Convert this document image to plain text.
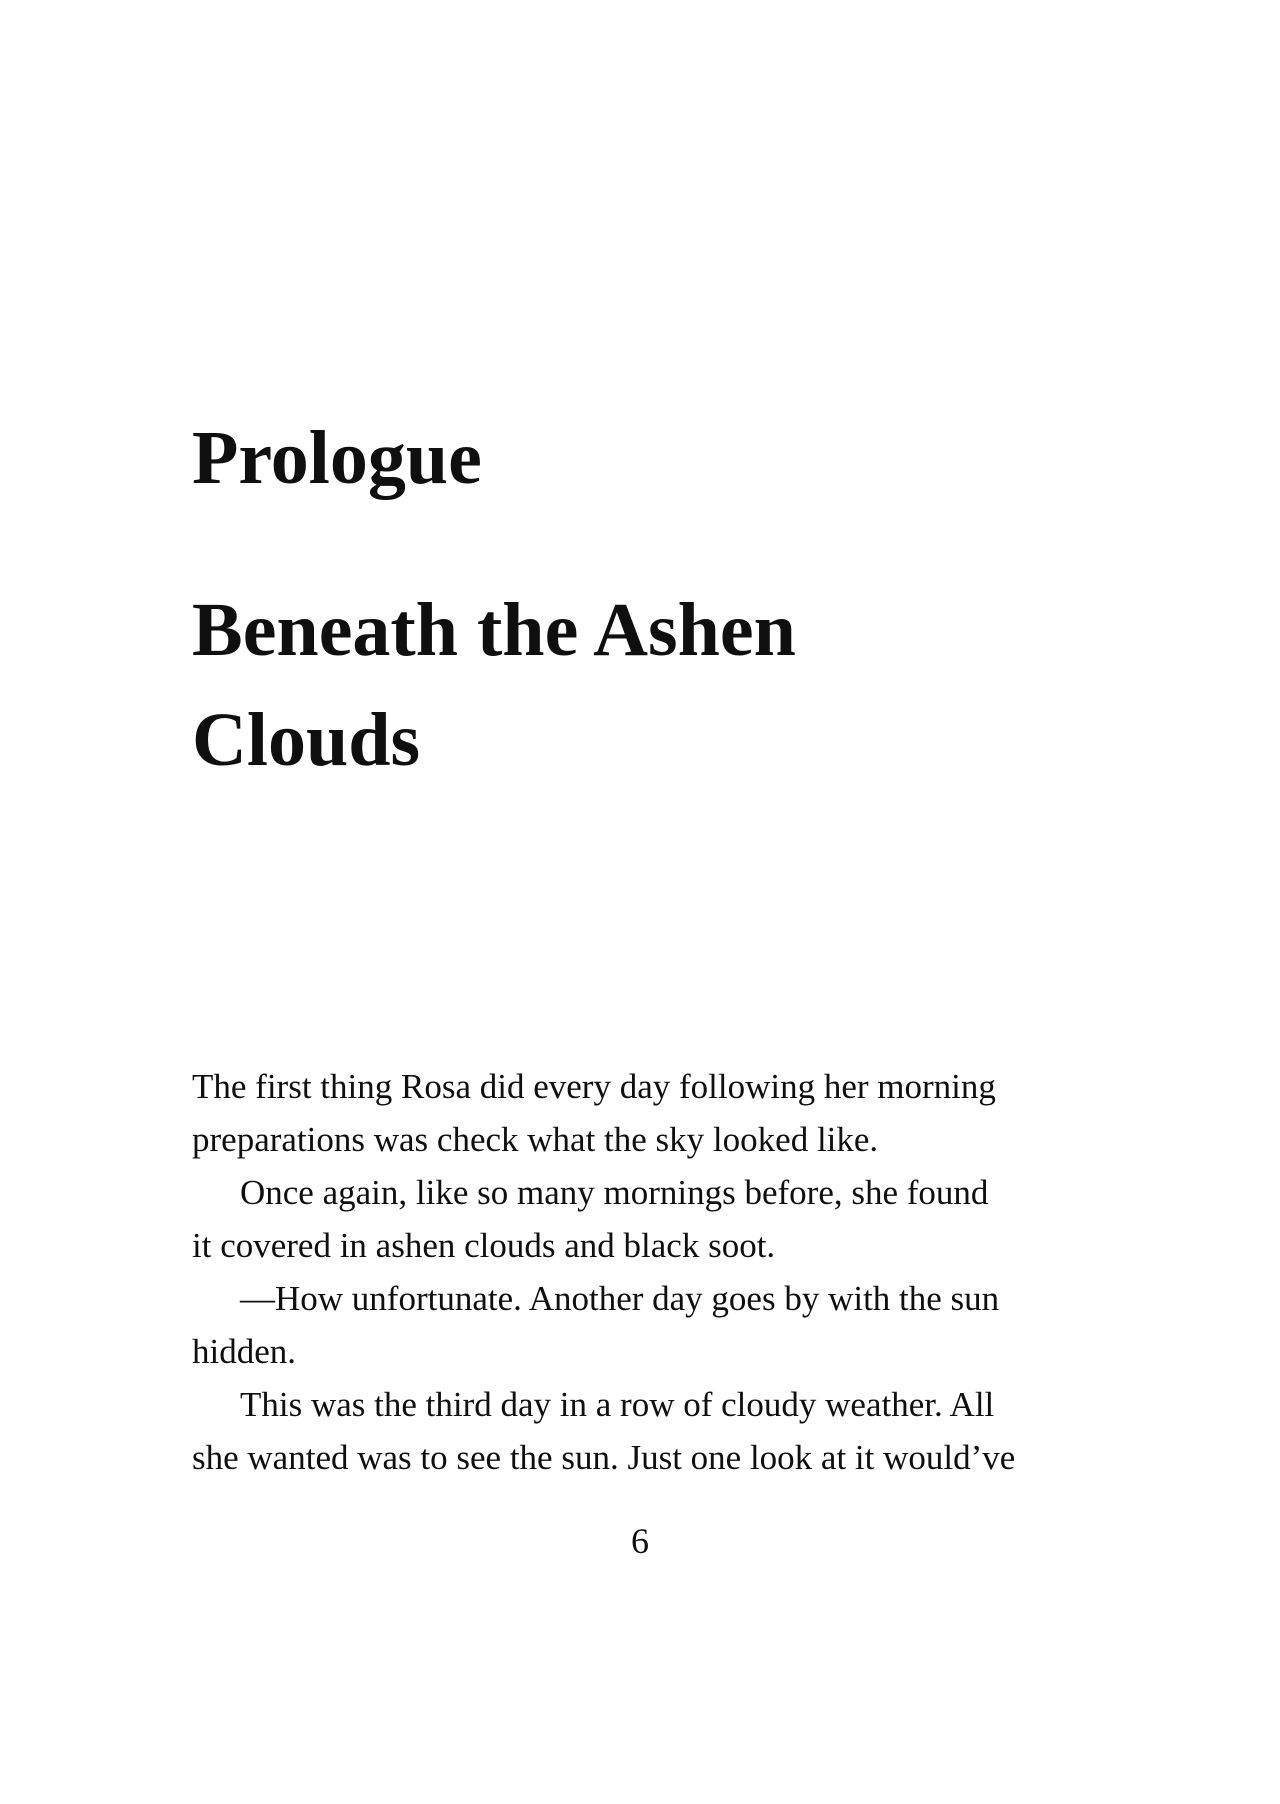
Prologue
Beneath the Ashen
Clouds
The first thing Rosa did every day following her morning
preparations was check what the sky looked like.
Once again, like so many mornings before, she found
it covered in ashen clouds and black soot.
—How unfortunate. Another day goes by with the sun
hidden.
This was the third day in a row of cloudy weather. All
she wanted was to see the sun. Just one look at it would’ve
6
